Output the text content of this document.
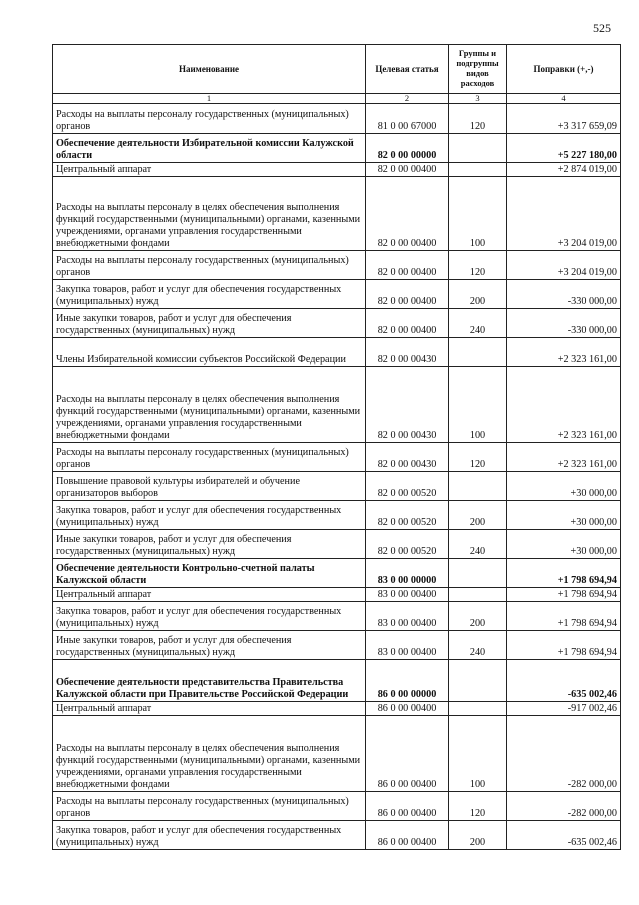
525
Наименование	Целевая статья	Группы и подгруппы видов расходов	Поправки (+,-)
1	2	3	4
Расходы на выплаты персоналу государственных (муниципальных) органов	81 0 00 67000	120	+3 317 659,09
Обеспечение деятельности Избирательной комиссии Калужской области	82 0 00 00000		+5 227 180,00
Центральный аппарат	82 0 00 00400		+2 874 019,00
Расходы на выплаты персоналу в целях обеспечения выполнения функций государственными (муниципальными) органами, казенными учреждениями, органами управления государственными внебюджетными фондами	82 0 00 00400	100	+3 204 019,00
Расходы на выплаты персоналу государственных (муниципальных) органов	82 0 00 00400	120	+3 204 019,00
Закупка товаров, работ и услуг для обеспечения государственных (муниципальных) нужд	82 0 00 00400	200	-330 000,00
Иные закупки товаров, работ и услуг для обеспечения государственных (муниципальных) нужд	82 0 00 00400	240	-330 000,00
Члены Избирательной комиссии субъектов Российской Федерации	82 0 00 00430		+2 323 161,00
Расходы на выплаты персоналу в целях обеспечения выполнения функций государственными (муниципальными) органами, казенными учреждениями, органами управления государственными внебюджетными фондами	82 0 00 00430	100	+2 323 161,00
Расходы на выплаты персоналу государственных (муниципальных) органов	82 0 00 00430	120	+2 323 161,00
Повышение правовой культуры избирателей и обучение организаторов выборов	82 0 00 00520		+30 000,00
Закупка товаров, работ и услуг для обеспечения государственных (муниципальных) нужд	82 0 00 00520	200	+30 000,00
Иные закупки товаров, работ и услуг для обеспечения государственных (муниципальных) нужд	82 0 00 00520	240	+30 000,00
Обеспечение деятельности Контрольно-счетной палаты Калужской области	83 0 00 00000		+1 798 694,94
Центральный аппарат	83 0 00 00400		+1 798 694,94
Закупка товаров, работ и услуг для обеспечения государственных (муниципальных) нужд	83 0 00 00400	200	+1 798 694,94
Иные закупки товаров, работ и услуг для обеспечения государственных (муниципальных) нужд	83 0 00 00400	240	+1 798 694,94
Обеспечение деятельности представительства Правительства Калужской области при Правительстве Российской Федерации	86 0 00 00000		-635 002,46
Центральный аппарат	86 0 00 00400		-917 002,46
Расходы на выплаты персоналу в целях обеспечения выполнения функций государственными (муниципальными) органами, казенными учреждениями, органами управления государственными внебюджетными фондами	86 0 00 00400	100	-282 000,00
Расходы на выплаты персоналу государственных (муниципальных) органов	86 0 00 00400	120	-282 000,00
Закупка товаров, работ и услуг для обеспечения государственных (муниципальных) нужд	86 0 00 00400	200	-635 002,46
